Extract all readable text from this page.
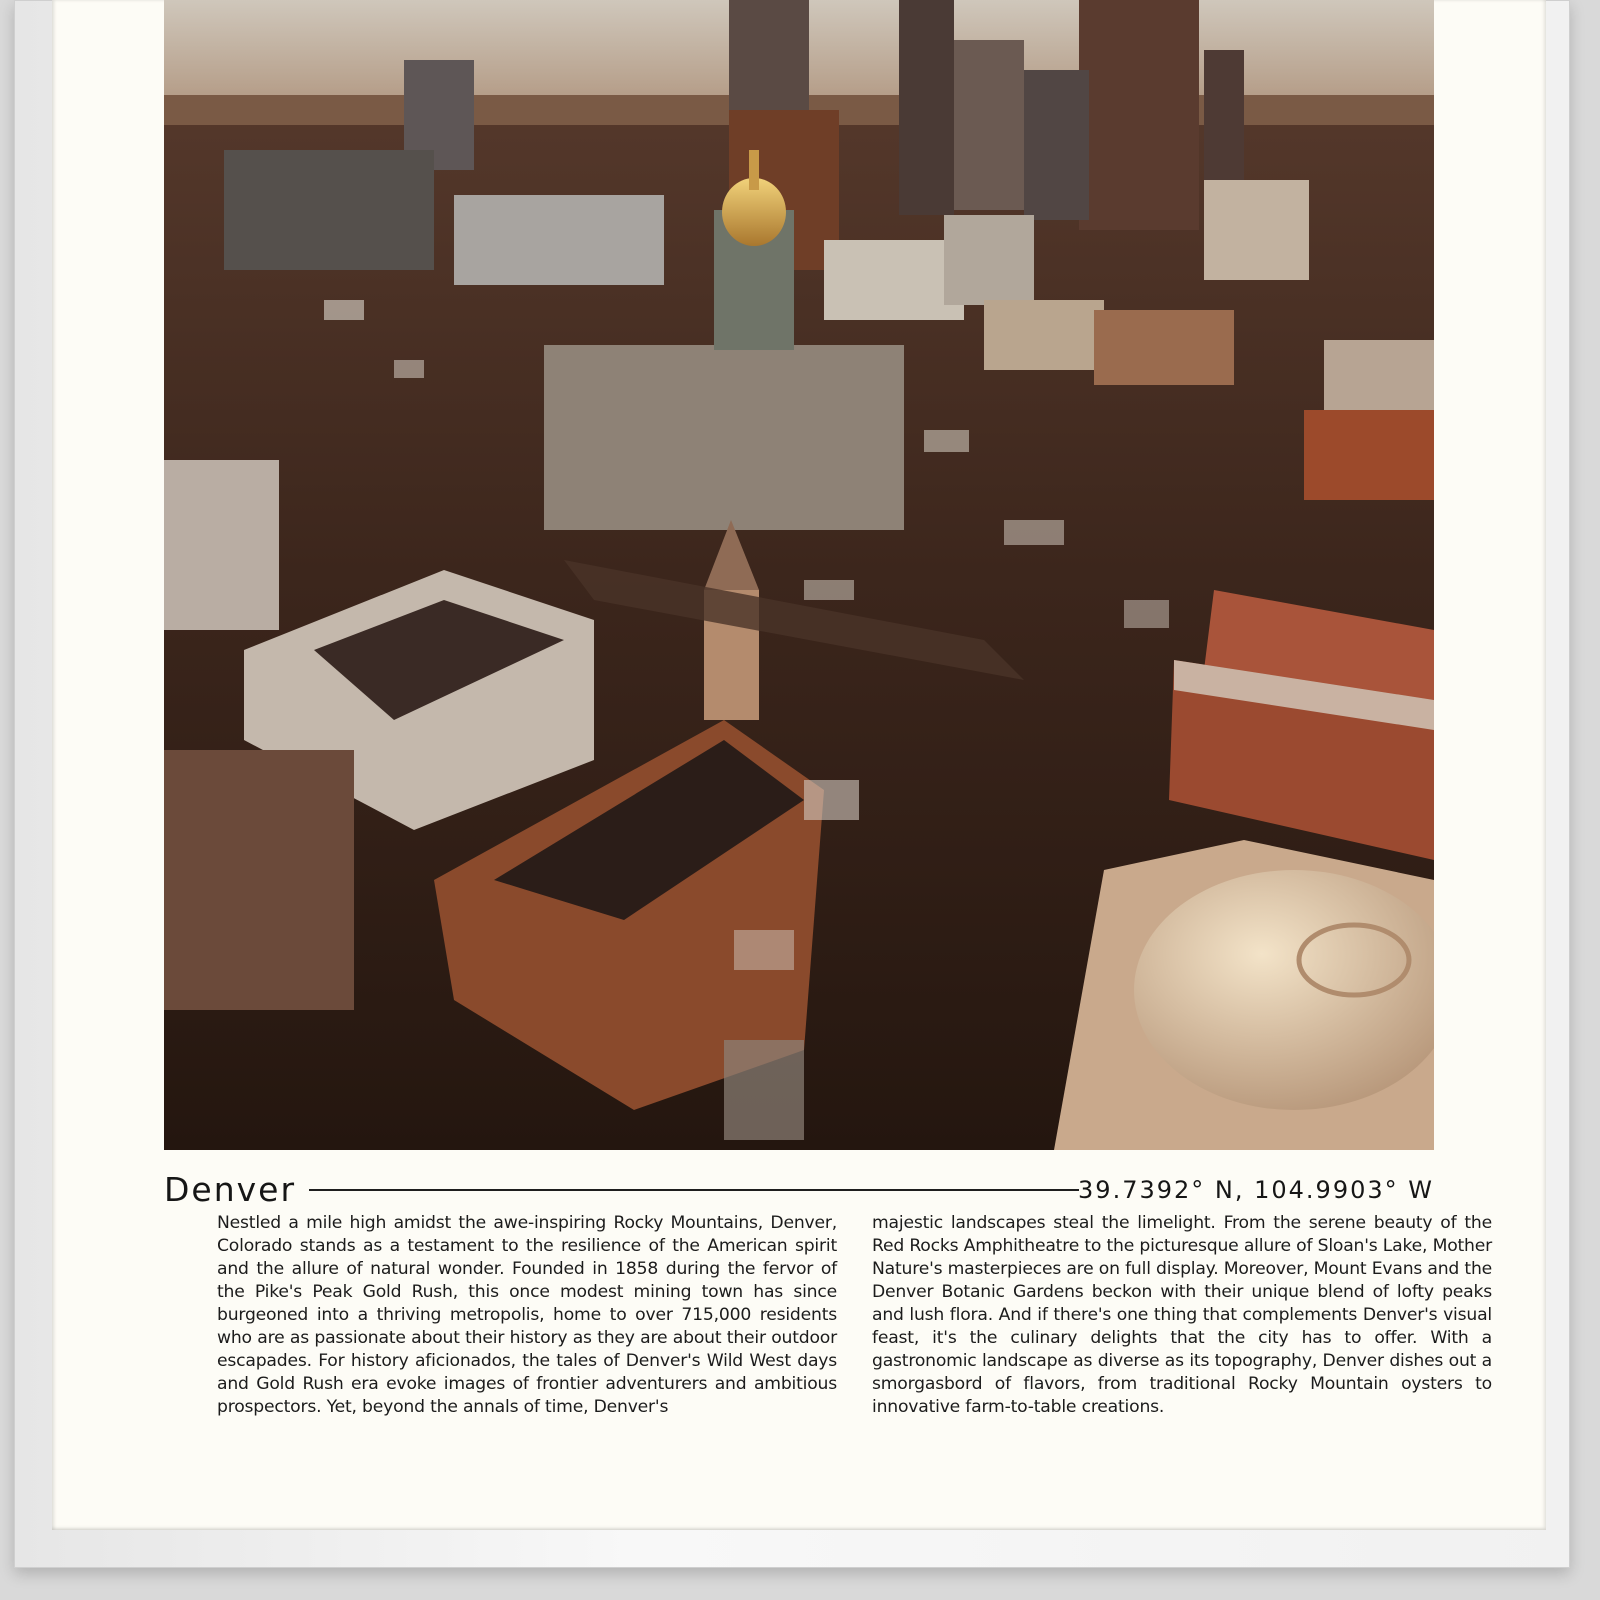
Denver	39.7392° N, 104.9903° W
Nestled a mile high amidst the awe-inspiring Rocky Mountains, Denver, Colorado stands as a testament to the resilience of the American spirit and the allure of natural wonder. Founded in 1858 during the fervor of the Pike's Peak Gold Rush, this once modest mining town has since burgeoned into a thriving metropolis, home to over 715,000 residents who are as passionate about their history as they are about their outdoor escapades. For history aficionados, the tales of Denver's Wild West days and Gold Rush era evoke images of frontier adventurers and ambitious prospectors. Yet, beyond the annals of time, Denver's
majestic landscapes steal the limelight. From the serene beauty of the Red Rocks Amphitheatre to the picturesque allure of Sloan's Lake, Mother Nature's masterpieces are on full display. Moreover, Mount Evans and the Denver Botanic Gardens beckon with their unique blend of lofty peaks and lush flora. And if there's one thing that complements Denver's visual feast, it's the culinary delights that the city has to offer. With a gastronomic landscape as diverse as its topography, Denver dishes out a smorgasbord of flavors, from traditional Rocky Mountain oysters to innovative farm-to-table creations.
